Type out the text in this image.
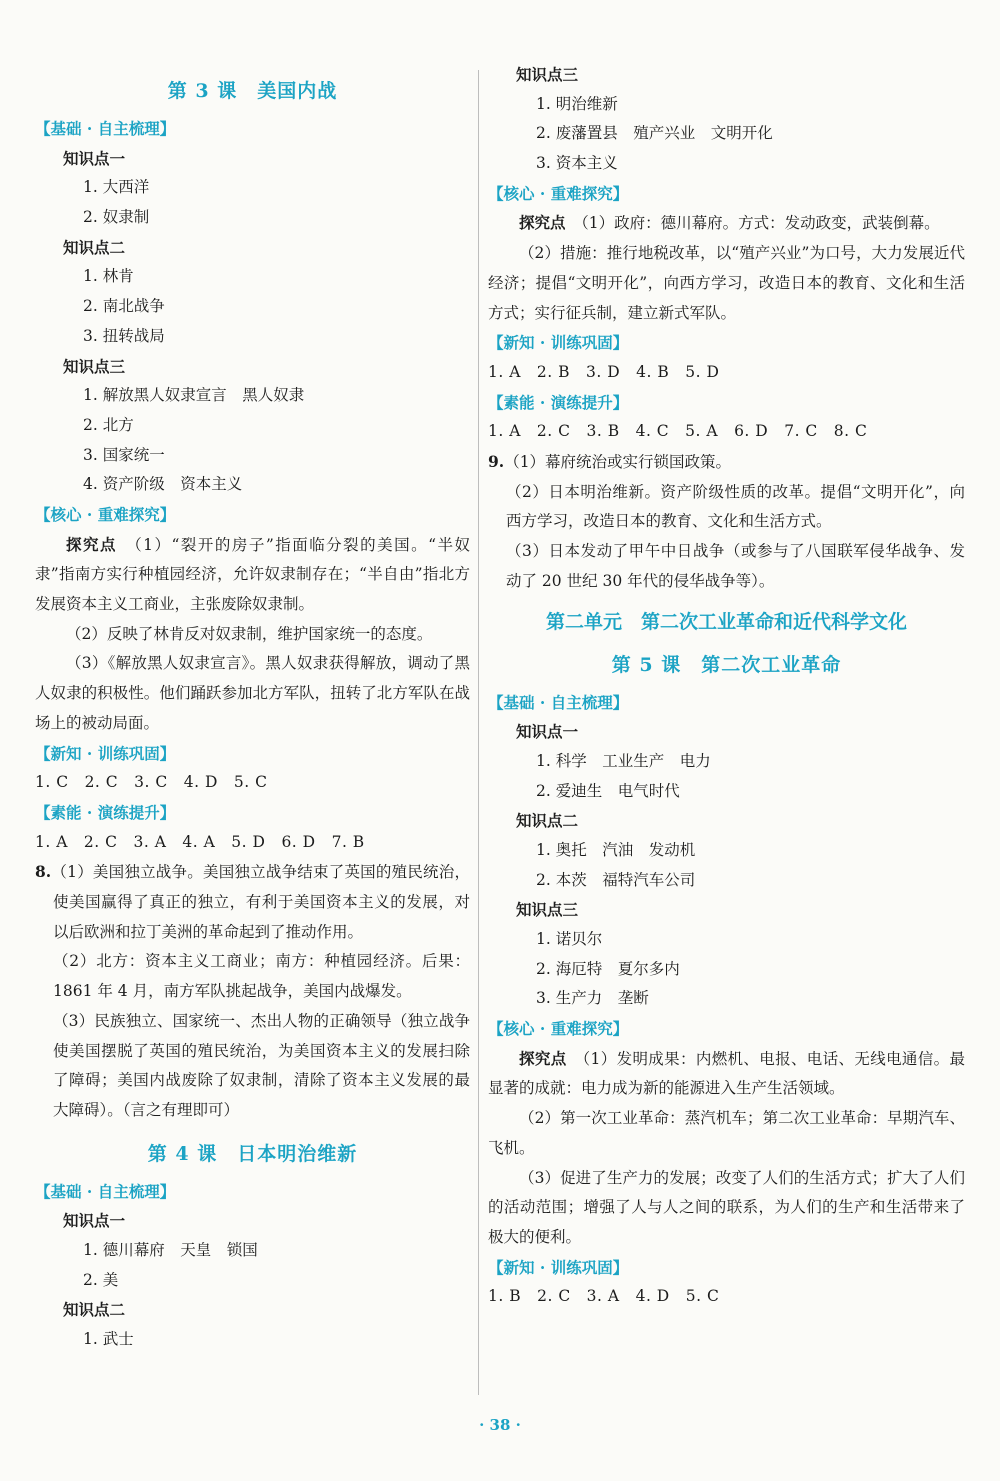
第 3 课　美国内战
【基础 · 自主梳理】
知识点一
1. 大西洋
2. 奴隶制
知识点二
1. 林肯
2. 南北战争
3. 扭转战局
知识点三
1. 解放黑人奴隶宣言　黑人奴隶
2. 北方
3. 国家统一
4. 资产阶级　资本主义
【核心 · 重难探究】
探究点　 （1）“裂开的房子”指面临分裂的美国。“半奴隶”指南方实行种植园经济，允许奴隶制存在；“半自由”指北方发展资本主义工商业，主张废除奴隶制。
（2）反映了林肯反对奴隶制，维护国家统一的态度。
（3）《解放黑人奴隶宣言》。黑人奴隶获得解放，调动了黑人奴隶的积极性。他们踊跃参加北方军队，扭转了北方军队在战场上的被动局面。
【新知 · 训练巩固】
1. C　2. C　3. C　4. D　5. C
【素能 · 演练提升】
1. A　2. C　3. A　4. A　5. D　6. D　7. B
8.（1）美国独立战争。美国独立战争结束了英国的殖民统治，使美国赢得了真正的独立，有利于美国资本主义的发展，对以后欧洲和拉丁美洲的革命起到了推动作用。
（2）北方：资本主义工商业；南方：种植园经济。后果：1861 年 4 月，南方军队挑起战争，美国内战爆发。
（3）民族独立、国家统一、杰出人物的正确领导（独立战争使美国摆脱了英国的殖民统治，为美国资本主义的发展扫除了障碍；美国内战废除了奴隶制，清除了资本主义发展的最大障碍）。（言之有理即可）
第 4 课　日本明治维新
【基础 · 自主梳理】
知识点一
1. 德川幕府　天皇　锁国
2. 美
知识点二
1. 武士
知识点三
1. 明治维新
2. 废藩置县　殖产兴业　文明开化
3. 资本主义
【核心 · 重难探究】
探究点　 （1）政府：德川幕府。方式：发动政变，武装倒幕。
（2）措施：推行地税改革，以“殖产兴业”为口号，大力发展近代经济；提倡“文明开化”，向西方学习，改造日本的教育、文化和生活方式；实行征兵制，建立新式军队。
【新知 · 训练巩固】
1. A　2. B　3. D　4. B　5. D
【素能 · 演练提升】
1. A　2. C　3. B　4. C　5. A　6. D　7. C　8. C
9.（1）幕府统治或实行锁国政策。
（2）日本明治维新。资产阶级性质的改革。提倡“文明开化”，向西方学习，改造日本的教育、文化和生活方式。
（3）日本发动了甲午中日战争（或参与了八国联军侵华战争、发动了 20 世纪 30 年代的侵华战争等）。
第二单元　第二次工业革命和近代科学文化
第 5 课　第二次工业革命
【基础 · 自主梳理】
知识点一
1. 科学　工业生产　电力
2. 爱迪生　电气时代
知识点二
1. 奥托　汽油　发动机
2. 本茨　福特汽车公司
知识点三
1. 诺贝尔
2. 海厄特　夏尔多内
3. 生产力　垄断
【核心 · 重难探究】
探究点　 （1）发明成果：内燃机、电报、电话、无线电通信。最显著的成就：电力成为新的能源进入生产生活领域。
（2）第一次工业革命：蒸汽机车；第二次工业革命：早期汽车、飞机。
（3）促进了生产力的发展；改变了人们的生活方式；扩大了人们的活动范围；增强了人与人之间的联系，为人们的生产和生活带来了极大的便利。
【新知 · 训练巩固】
1. B　2. C　3. A　4. D　5. C
· 38 ·
